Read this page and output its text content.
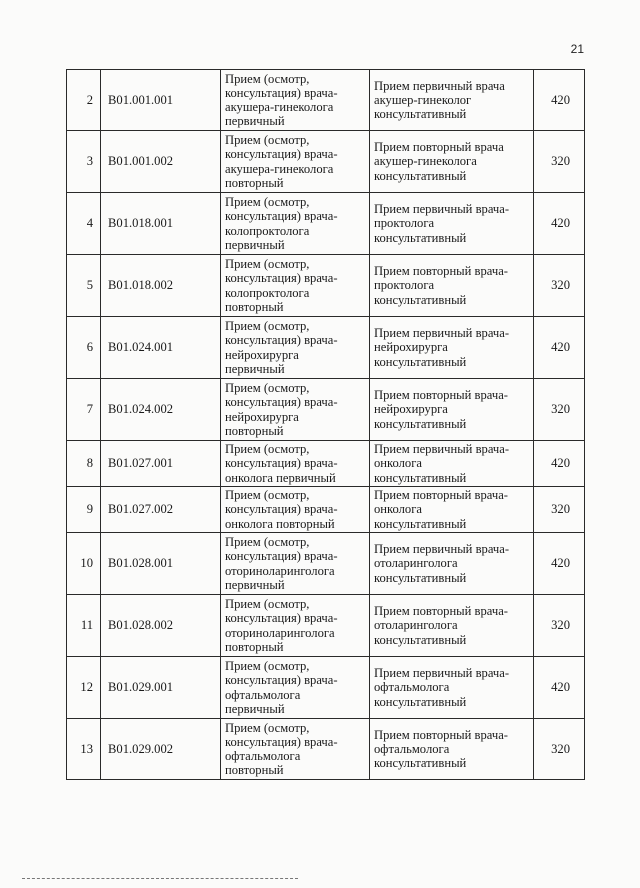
21
2	B01.001.001	Прием (осмотр,
консультация) врача-
акушера-гинеколога
первичный	Прием первичный врача
акушер-гинеколог
консультативный	420

3	B01.001.002	Прием (осмотр,
консультация) врача-
акушера-гинеколога
повторный	Прием повторный врача
акушер-гинеколога
консультативный	320

4	B01.018.001	Прием (осмотр,
консультация) врача-
колопроктолога
первичный	Прием первичный врача-
проктолога
консультативный	420

5	B01.018.002	Прием (осмотр,
консультация) врача-
колопроктолога
повторный	Прием повторный врача-
проктолога
консультативный	320

6	B01.024.001	Прием (осмотр,
консультация) врача-
нейрохирурга
первичный	Прием первичный врача-
нейрохирурга
консультативный	420

7	B01.024.002	Прием (осмотр,
консультация) врача-
нейрохирурга
повторный	Прием повторный врача-
нейрохирурга
консультативный	320

8	B01.027.001	Прием (осмотр,
консультация) врача-
онколога первичный	Прием первичный врача-
онколога
консультативный	420

9	B01.027.002	Прием (осмотр,
консультация) врача-
онколога повторный	Прием повторный врача-
онколога
консультативный	320

10	B01.028.001	Прием (осмотр,
консультация) врача-
оториноларинголога
первичный	Прием первичный врача-
отоларинголога
консультативный	420

11	B01.028.002	Прием (осмотр,
консультация) врача-
оториноларинголога
повторный	Прием повторный врача-
отоларинголога
консультативный	320

12	B01.029.001	Прием (осмотр,
консультация) врача-
офтальмолога
первичный	Прием первичный врача-
офтальмолога
консультативный	420

13	B01.029.002	Прием (осмотр,
консультация) врача-
офтальмолога
повторный	Прием повторный врача-
офтальмолога
консультативный	320
